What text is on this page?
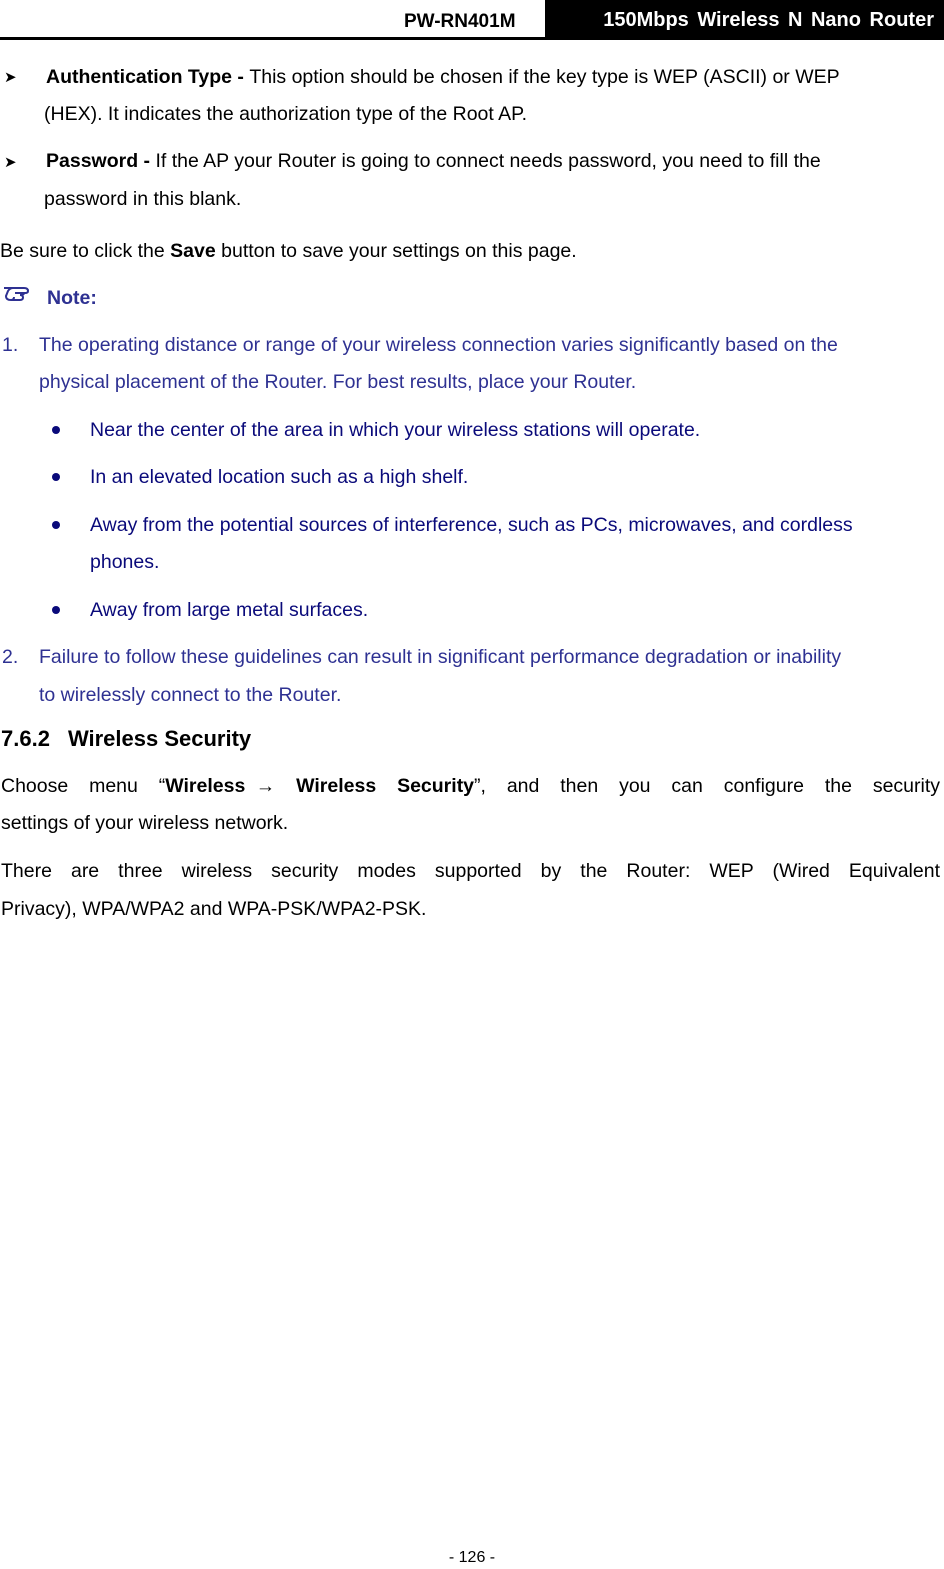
PW-RN401M	150Mbps Wireless N Nano Router
➤ Authentication Type - This option should be chosen if the key type is WEP (ASCII) or WEP
(HEX). It indicates the authorization type of the Root AP.
➤ Password - If the AP your Router is going to connect needs password, you need to fill the
password in this blank.
Be sure to click the Save button to save your settings on this page.
Note:
1. The operating distance or range of your wireless connection varies significantly based on the
physical placement of the Router. For best results, place your Router.
Near the center of the area in which your wireless stations will operate.
In an elevated location such as a high shelf.
Away from the potential sources of interference, such as PCs, microwaves, and cordless
phones.
Away from large metal surfaces.
2. Failure to follow these guidelines can result in significant performance degradation or inability
to wirelessly connect to the Router.
7.6.2 Wireless Security
Choose  menu  “Wireless → Wireless  Security”,  and  then  you  can  configure  the  security
settings of your wireless network.
There  are  three  wireless  security  modes  supported  by  the  Router:  WEP  (Wired  Equivalent
Privacy), WPA/WPA2 and WPA-PSK/WPA2-PSK.
- 126 -
